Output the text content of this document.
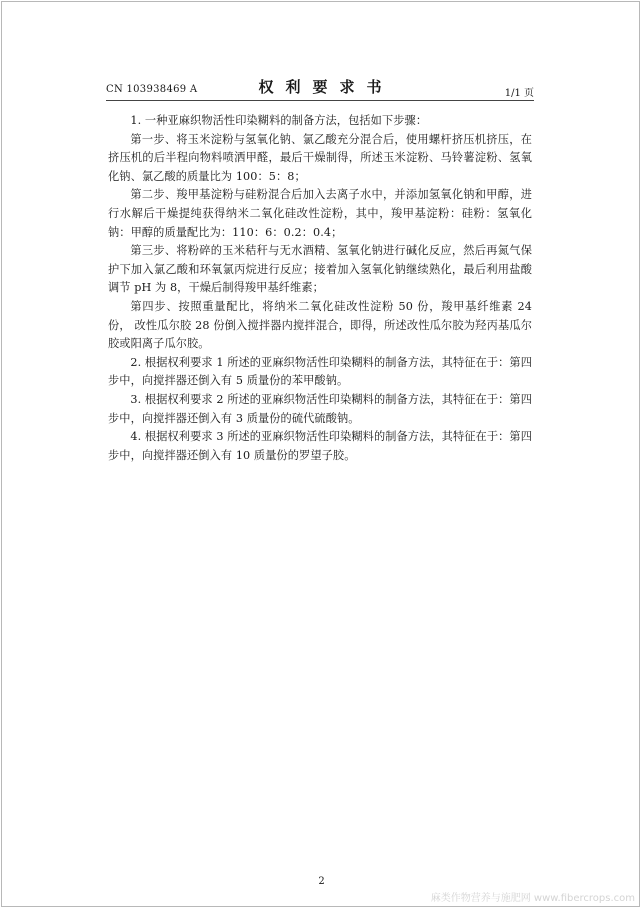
CN 103938469 A	权利要求书	1/1 页

1. 一种亚麻织物活性印染糊料的制备方法，包括如下步骤：

第一步、将玉米淀粉与氢氧化钠、氯乙酸充分混合后，使用螺杆挤压机挤压，在挤压机的后半程向物料喷洒甲醛，最后干燥制得，所述玉米淀粉、马铃薯淀粉、氢氧化钠、氯乙酸的质量比为 100：5：8；

第二步、羧甲基淀粉与硅粉混合后加入去离子水中，并添加氢氧化钠和甲醇，进行水解后干燥提纯获得纳米二氧化硅改性淀粉，其中，羧甲基淀粉：硅粉：氢氧化钠：甲醇的质量配比为：110：6：0.2：0.4；

第三步、将粉碎的玉米秸秆与无水酒精、氢氧化钠进行碱化反应，然后再氮气保护下加入氯乙酸和环氧氯丙烷进行反应；接着加入氢氧化钠继续熟化，最后利用盐酸调节 pH 为 8，干燥后制得羧甲基纤维素；

第四步、按照重量配比，将纳米二氧化硅改性淀粉 50 份，羧甲基纤维素 24 份， 改性瓜尔胶 28 份倒入搅拌器内搅拌混合，即得，所述改性瓜尔胶为羟丙基瓜尔胶或阳离子瓜尔胶。

2. 根据权利要求 1 所述的亚麻织物活性印染糊料的制备方法，其特征在于：第四步中，向搅拌器还倒入有 5 质量份的苯甲酸钠。

3. 根据权利要求 2 所述的亚麻织物活性印染糊料的制备方法，其特征在于：第四步中，向搅拌器还倒入有 3 质量份的硫代硫酸钠。

4. 根据权利要求 3 所述的亚麻织物活性印染糊料的制备方法，其特征在于：第四步中，向搅拌器还倒入有 10 质量份的罗望子胶。

2
麻类作物营养与施肥网 www.fibercrops.com
